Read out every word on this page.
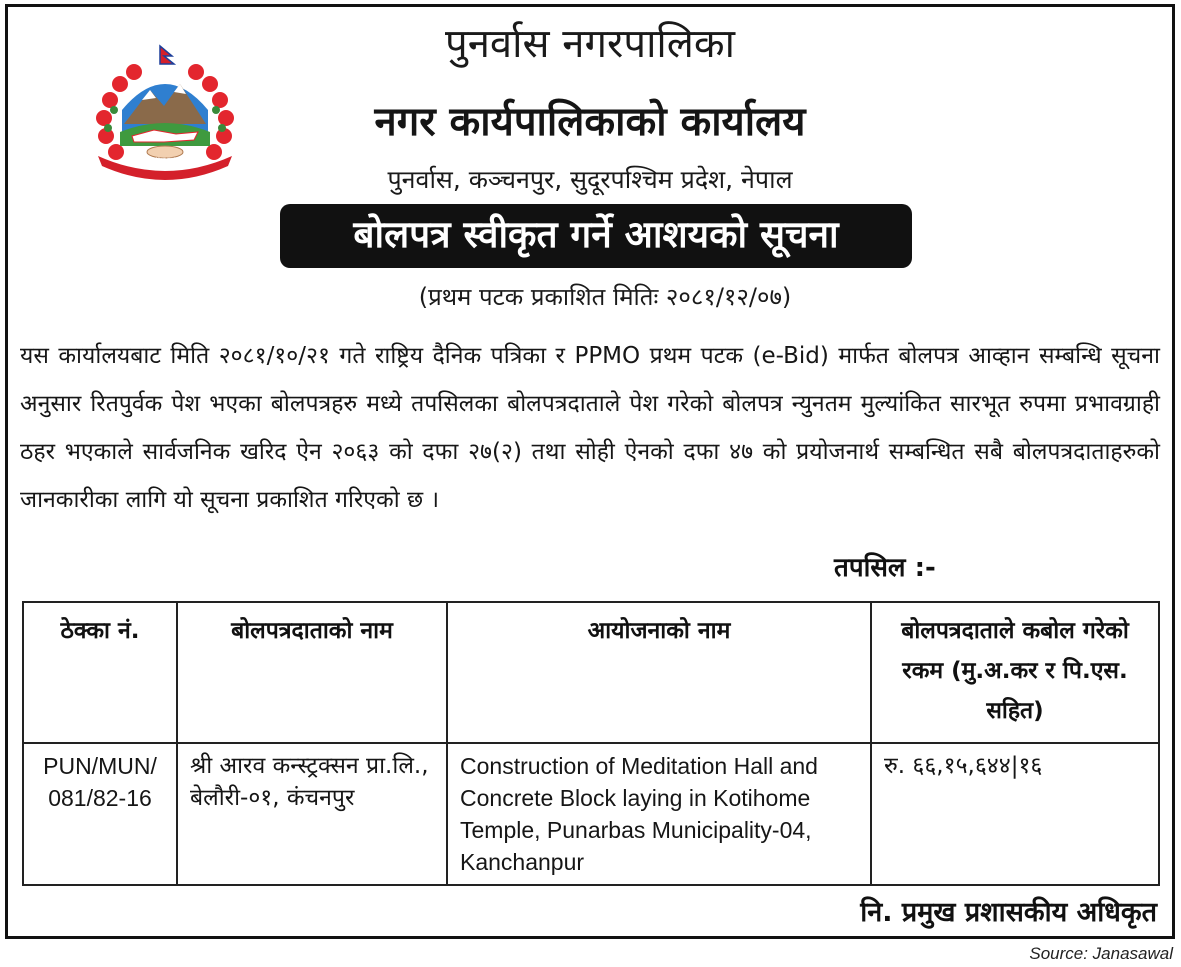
जननी जन्मभूमिश्च स्वर्गादपि गरीयसी
पुनर्वास नगरपालिका
नगर कार्यपालिकाको कार्यालय
पुनर्वास, कञ्चनपुर, सुदूरपश्चिम प्रदेश, नेपाल
बोलपत्र स्वीकृत गर्ने आशयको सूचना
(प्रथम पटक प्रकाशित मितिः २०८१/१२/०७)
यस कार्यालयबाट मिति २०८१/१०/२१ गते राष्ट्रिय दैनिक पत्रिका र PPMO प्रथम पटक (e-Bid) मार्फत बोलपत्र आव्हान सम्बन्धि सूचना अनुसार रितपुर्वक पेश भएका बोलपत्रहरु मध्ये तपसिलका बोलपत्रदाताले पेश गरेको बोलपत्र न्युनतम मुल्यांकित सारभूत रुपमा प्रभावग्राही ठहर भएकाले सार्वजनिक खरिद ऐन २०६३ को दफा २७(२) तथा सोही ऐनको दफा ४७ को प्रयोजनार्थ सम्बन्धित सबै बोलपत्रदाताहरुको जानकारीका लागि यो सूचना प्रकाशित गरिएको छ ।
तपसिल :-
ठेक्का नं.	बोलपत्रदाताको नाम	आयोजनाको नाम	बोलपत्रदाताले कबोल गरेको रकम (मु.अ.कर र पि.एस. सहित)
PUN/MUN/ 081/82-16	श्री आरव कन्स्ट्रक्सन प्रा.लि., बेलौरी-०१, कंचनपुर	Construction of Meditation Hall and Concrete Block laying in Kotihome Temple, Punarbas Municipality-04, Kanchanpur	रु. ६६,१५,६४४|१६
नि. प्रमुख प्रशासकीय अधिकृत
Source: Janasawal
